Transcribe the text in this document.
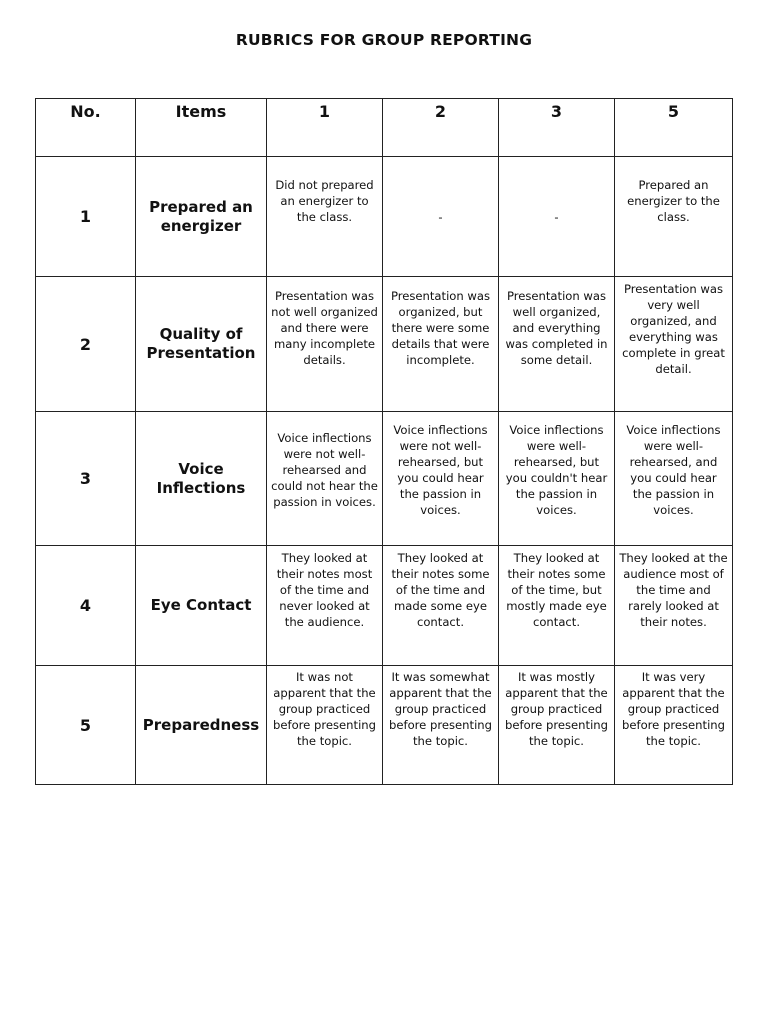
RUBRICS FOR GROUP REPORTING
No.	Items	1	2	3	5
1	Prepared an energizer	Did not prepared an energizer to the class.	-	-	Prepared an energizer to the class.
2	Quality of Presentation	Presentation was not well organized and there were many incomplete details.	Presentation was organized, but there were some details that were incomplete.	Presentation was well organized, and everything was completed in some detail.	Presentation was very well organized, and everything was complete in great detail.
3	Voice Inflections	Voice inflections were not well-rehearsed and could not hear the passion in voices.	Voice inflections were not well-rehearsed, but you could hear the passion in voices.	Voice inflections were well-rehearsed, but you couldn't hear the passion in voices.	Voice inflections were well-rehearsed, and you could hear the passion in voices.
4	Eye Contact	They looked at their notes most of the time and never looked at the audience.	They looked at their notes some of the time and made some eye contact.	They looked at their notes some of the time, but mostly made eye contact.	They looked at the audience most of the time and rarely looked at their notes.
5	Preparedness	It was not apparent that the group practiced before presenting the topic.	It was somewhat apparent that the group practiced before presenting the topic.	It was mostly apparent that the group practiced before presenting the topic.	It was very apparent that the group practiced before presenting the topic.
